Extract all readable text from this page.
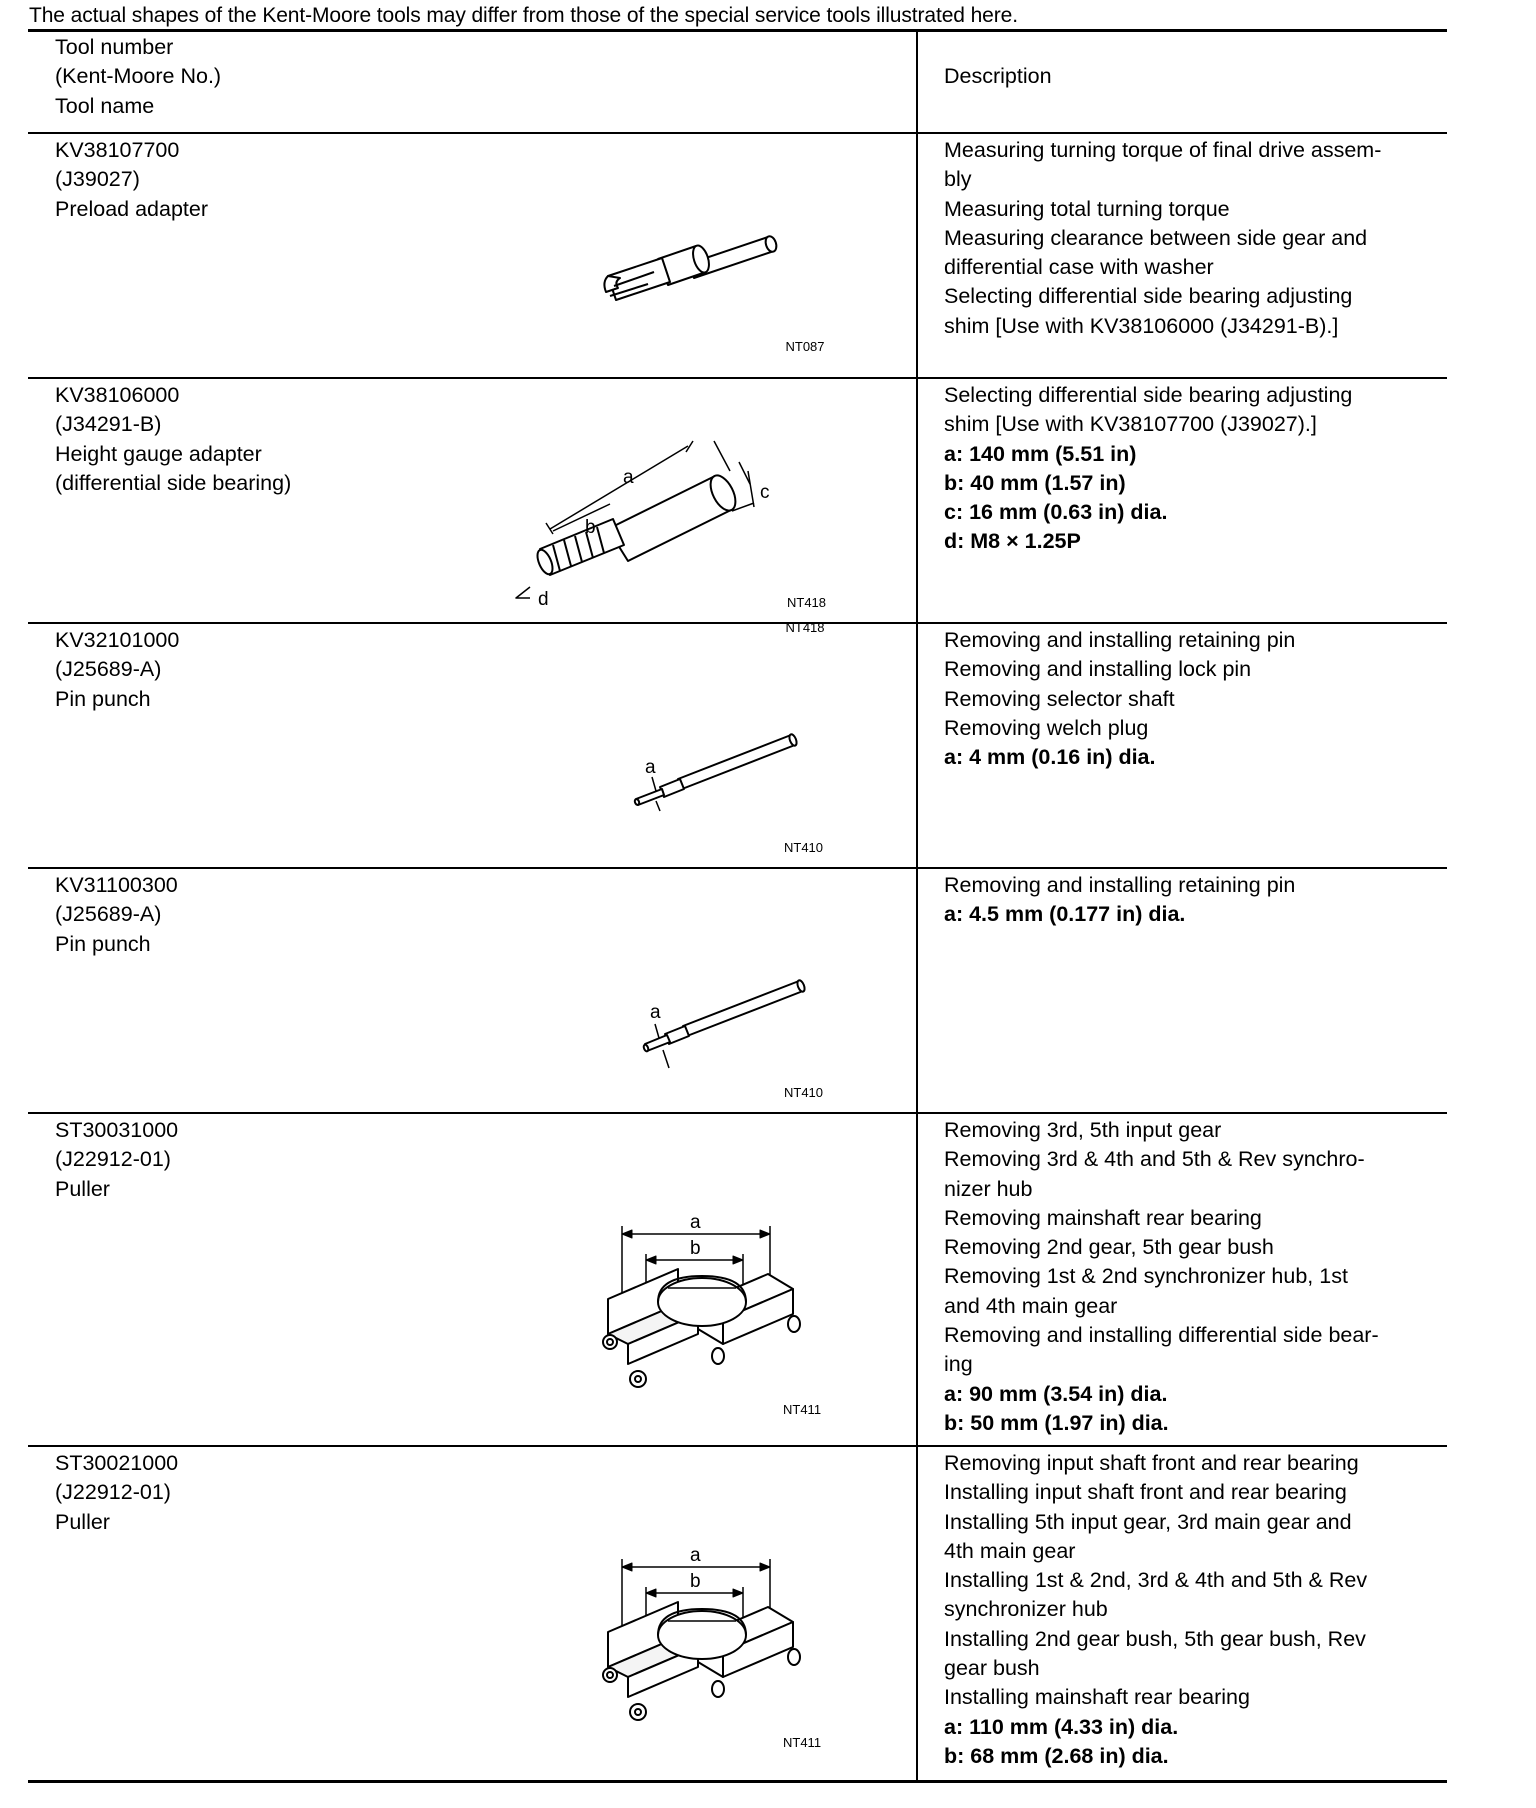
The actual shapes of the Kent-Moore tools may differ from those of the special service tools illustrated here.
Tool number
(Kent-Moore No.)
Tool name
Description
KV38107700
(J39027)
Preload adapter
NT087
Measuring turning torque of final drive assem-
bly
Measuring total turning torque
Measuring clearance between side gear and
differential case with washer
Selecting differential side bearing adjusting
shim [Use with KV38106000 (J34291-B).]
KV38106000
(J34291-B)
Height gauge adapter
(differential side bearing)	a
b
c
d
NT418
NT418
Selecting differential side bearing adjusting
shim [Use with KV38107700 (J39027).]
a: 140 mm (5.51 in)
b: 40 mm (1.57 in)
c: 16 mm (0.63 in) dia.
d: M8 × 1.25P
KV32101000
(J25689-A)
Pin punch
a
NT410
Removing and installing retaining pin
Removing and installing lock pin
Removing selector shaft
Removing welch plug
a: 4 mm (0.16 in) dia.
KV31100300
(J25689-A)
Pin punch
a
NT410
Removing and installing retaining pin
a: 4.5 mm (0.177 in) dia.
ST30031000
(J22912-01)
Puller
a
b
NT411
Removing 3rd, 5th input gear
Removing 3rd & 4th and 5th & Rev synchro-
nizer hub
Removing mainshaft rear bearing
Removing 2nd gear, 5th gear bush
Removing 1st & 2nd synchronizer hub, 1st
and 4th main gear
Removing and installing differential side bear-
ing
a: 90 mm (3.54 in) dia.
b: 50 mm (1.97 in) dia.
ST30021000
(J22912-01)
Puller
a
b
NT411
Removing input shaft front and rear bearing
Installing input shaft front and rear bearing
Installing 5th input gear, 3rd main gear and
4th main gear
Installing 1st & 2nd, 3rd & 4th and 5th & Rev
synchronizer hub
Installing 2nd gear bush, 5th gear bush, Rev
gear bush
Installing mainshaft rear bearing
a: 110 mm (4.33 in) dia.
b: 68 mm (2.68 in) dia.
